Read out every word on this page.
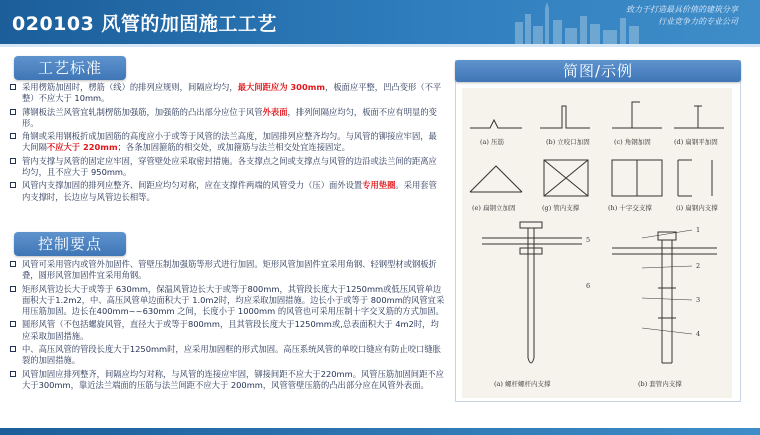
020103 风管的加固施工工艺
致力于打造最具价值的建筑分享
行业竞争力的专业公司
工艺标准
采用楞筋加固时，楞筋（线）的排列应规则，间隔应均匀，最大间距应为 300mm，板面应平整，凹凸变形（不平整）不应大于 10mm。
薄钢板法兰风管宜轧制楞筋加强筋，加强筋的凸出部分应位于风管外表面，排列间隔应均匀，板面不应有明显的变形。
角钢或采用钢板折成加固筋的高度应小于或等于风管的法兰高度，加固排列应整齐均匀。与风管的铆接应牢固，最大间隔不应大于 220mm；各条加固箍筋的相交处，或加箍筋与法兰相交处宜连接固定。
管内支撑与风管的固定应牢固，穿管壁处应采取密封措施。各支撑点之间或支撑点与风管的边沿或法兰间的距离应均匀，且不应大于 950mm。
风管内支撑加固的排列应整齐、间距应均匀对称，应在支撑件两端的风管受力（压）面外设置专用垫圈。采用套管内支撑时，长边应与风管边长相等。
控制要点
风管可采用管内或管外加固件、管壁压制加强筋等形式进行加固。矩形风管加固件宜采用角钢、轻钢型材或钢板折叠，圆形风管加固件宜采用角钢。
矩形风管边长大于或等于 630mm，保温风管边长大于或等于800mm，其管段长度大于1250mm或低压风管单边面积大于1.2m2，中、高压风管单边面积大于 1.0m2时，均应采取加固措施。边长小于或等于 800mm的风管宜采用压筋加固。边长在400mm~~630mm 之间，长度小于 1000mm 的风管也可采用压制十字交叉筋的方式加固。
圆形风管（不包括螺旋风管，直径大于或等于800mm，且其管段长度大于1250mm或,总表面积大于 4m2时，均应采取加固措施。
中、高压风管的管段长度大于1250mm时，应采用加固框的形式加固。高压系统风管的单咬口缝应有防止咬口缝胀裂的加固措施。
风管加固应排列整齐，间隔应均匀对称，与风管的连接应牢固，铆接间距不应大于220mm。风管压筋加固间距不应大于300mm，靠近法兰端面的压筋与法兰间距不应大于 200mm，风管管壁压筋的凸出部分应在风管外表面。
简图/示例
(a) 压筋	(b) 立咬口加固	(c) 角钢加固	(d) 扁钢平加固
(e) 扁钢立加固	(g) 管内支撑	(h) 十字交支撑	(i) 扁钢内支撑
(a) 螺杆螺杆内支撑	(b) 套管内支撑
1
2
3
4
5
6
